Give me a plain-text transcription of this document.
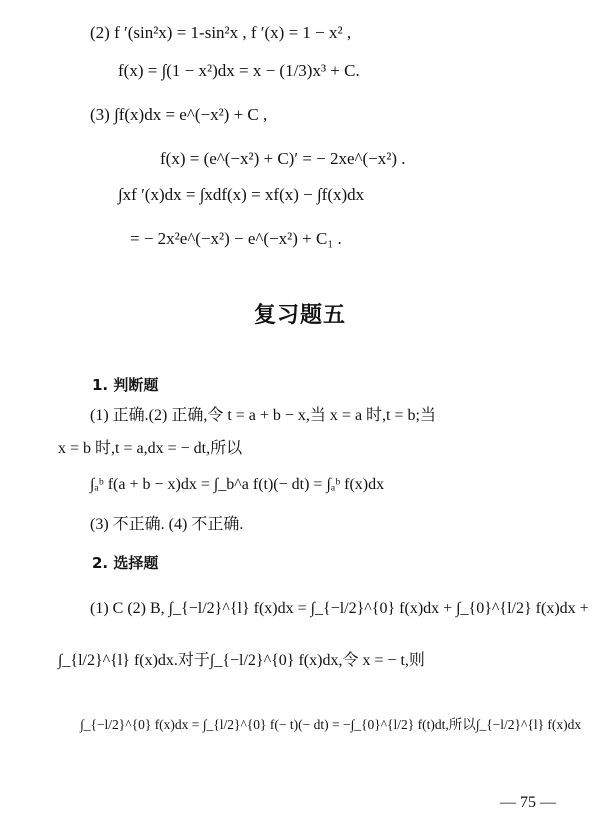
(2) f ′(sin²x) = 1-sin²x , f ′(x) = 1 − x² ,
f(x) = ∫(1 − x²)dx = x − (1/3)x³ + C.
(3) ∫f(x)dx = e^(−x²) + C ,
f(x) = (e^(−x²) + C)′ = − 2xe^(−x²) .
∫xf ′(x)dx = ∫xdf(x) = xf(x) − ∫f(x)dx
= − 2x²e^(−x²) − e^(−x²) + C₁ .
复习题五
1. 判断题
(1) 正确.(2) 正确,令 t = a + b − x,当 x = a 时,t = b;当
x = b 时,t = a,dx = − dt,所以
∫ₐᵇ f(a + b − x)dx = ∫_b^a f(t)(− dt) = ∫ₐᵇ f(x)dx
(3) 不正确. (4) 不正确.
2. 选择题
(1) C (2) B, ∫_{−l/2}^{l} f(x)dx = ∫_{−l/2}^{0} f(x)dx + ∫_{0}^{l/2} f(x)dx +
∫_{l/2}^{l} f(x)dx.对于∫_{−l/2}^{0} f(x)dx,令 x = − t,则
∫_{−l/2}^{0} f(x)dx = ∫_{l/2}^{0} f(− t)(− dt) = −∫_{0}^{l/2} f(t)dt,所以∫_{−l/2}^{l} f(x)dx
— 75 —
